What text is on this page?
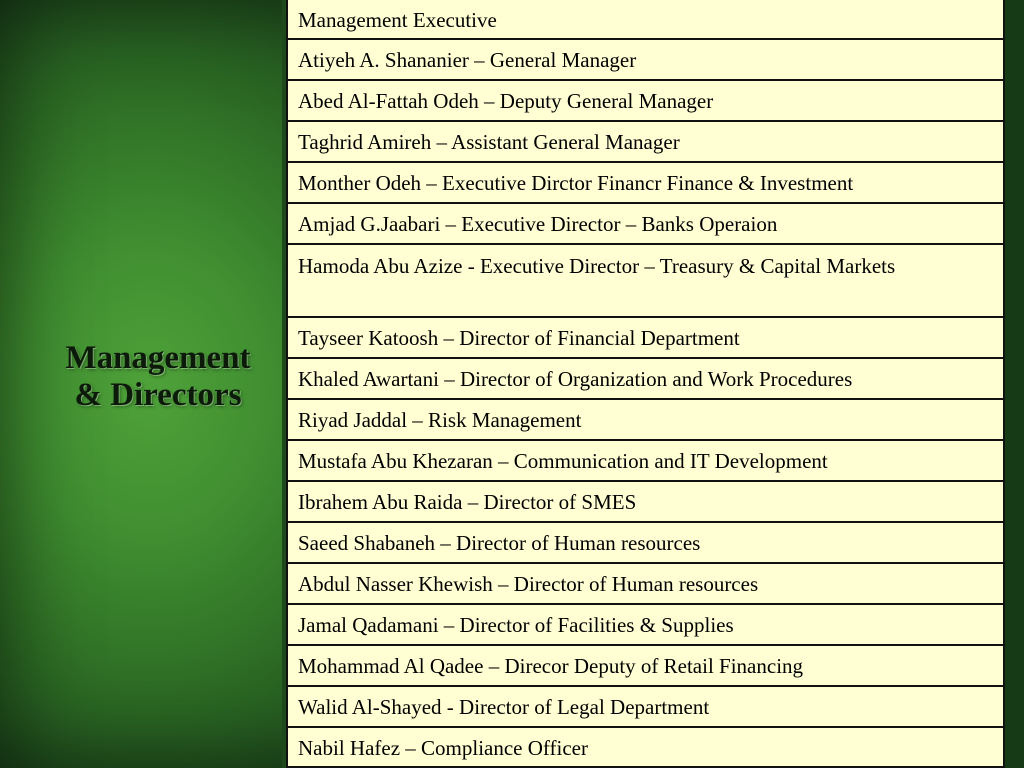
Management
& Directors
Management Executive
Atiyeh A. Shananier – General Manager
Abed Al-Fattah Odeh – Deputy General Manager
Taghrid Amireh – Assistant General Manager
Monther Odeh – Executive Dirctor Financr Finance & Investment
Amjad G.Jaabari – Executive Director – Banks Operaion
Hamoda Abu Azize - Executive Director – Treasury & Capital Markets
Tayseer Katoosh – Director of Financial Department
Khaled Awartani – Director of Organization and Work Procedures
Riyad Jaddal – Risk Management
Mustafa Abu Khezaran – Communication and IT Development
Ibrahem Abu Raida – Director of SMES
Saeed Shabaneh – Director of Human resources
Abdul Nasser Khewish – Director of Human resources
Jamal Qadamani – Director of Facilities & Supplies
Mohammad Al Qadee – Direcor Deputy of Retail Financing
Walid Al-Shayed - Director of Legal Department
Nabil Hafez – Compliance Officer
